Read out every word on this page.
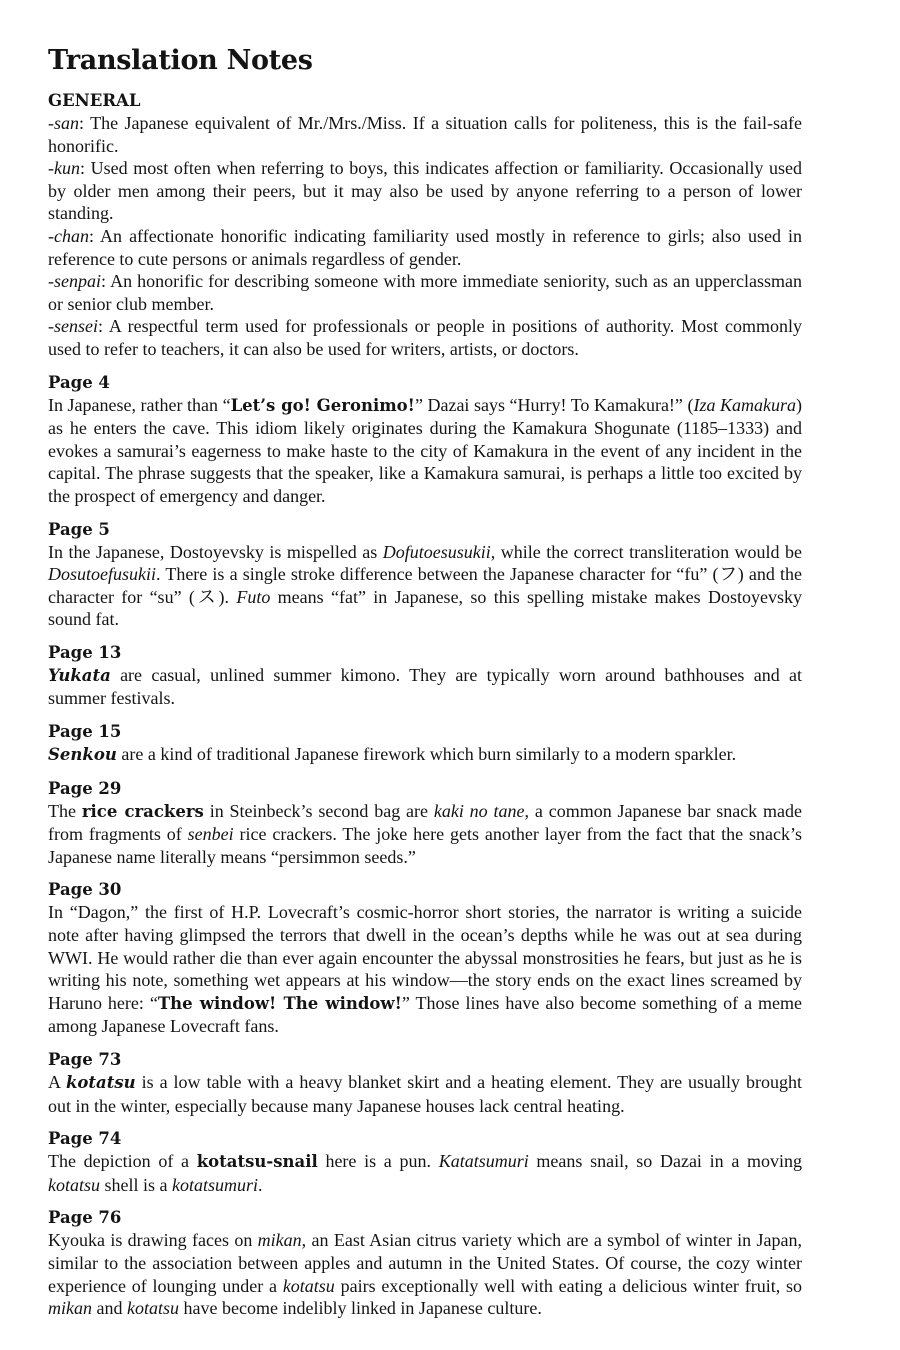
Translation Notes
GENERAL

-san: The Japanese equivalent of Mr./Mrs./Miss. If a situation calls for politeness, this is the fail-safe honorific.

-kun: Used most often when referring to boys, this indicates affection or familiarity. Occasionally used by older men among their peers, but it may also be used by anyone referring to a person of lower standing.

-chan: An affectionate honorific indicating familiarity used mostly in reference to girls; also used in reference to cute persons or animals regardless of gender.

-senpai: An honorific for describing someone with more immediate seniority, such as an upperclassman or senior club member.

-sensei: A respectful term used for professionals or people in positions of authority. Most commonly used to refer to teachers, it can also be used for writers, artists, or doctors.

Page 4

In Japanese, rather than “Let’s go! Geronimo!” Dazai says “Hurry! To Kamakura!” (Iza Kamakura) as he enters the cave. This idiom likely originates during the Kamakura Shogunate (1185–1333) and evokes a samurai’s eagerness to make haste to the city of Kamakura in the event of any incident in the capital. The phrase suggests that the speaker, like a Kamakura samurai, is perhaps a little too excited by the prospect of emergency and danger.

Page 5

In the Japanese, Dostoyevsky is mispelled as Dofutoesusukii, while the correct transliteration would be Dosutoefusukii. There is a single stroke difference between the Japanese character for “fu” (フ) and the character for “su” (ス). Futo means “fat” in Japanese, so this spelling mistake makes Dostoyevsky sound fat.

Page 13

Yukata are casual, unlined summer kimono. They are typically worn around bathhouses and at summer festivals.

Page 15

Senkou are a kind of traditional Japanese firework which burn similarly to a modern sparkler.

Page 29

The rice crackers in Steinbeck’s second bag are kaki no tane, a common Japanese bar snack made from fragments of senbei rice crackers. The joke here gets another layer from the fact that the snack’s Japanese name literally means “persimmon seeds.”

Page 30

In “Dagon,” the first of H.P. Lovecraft’s cosmic-horror short stories, the narrator is writing a suicide note after having glimpsed the terrors that dwell in the ocean’s depths while he was out at sea during WWI. He would rather die than ever again encounter the abyssal monstrosities he fears, but just as he is writing his note, something wet appears at his window—the story ends on the exact lines screamed by Haruno here: “The window! The window!” Those lines have also become something of a meme among Japanese Lovecraft fans.

Page 73

A kotatsu is a low table with a heavy blanket skirt and a heating element. They are usually brought out in the winter, especially because many Japanese houses lack central heating.

Page 74

The depiction of a kotatsu-snail here is a pun. Katatsumuri means snail, so Dazai in a moving kotatsu shell is a kotatsumuri.

Page 76

Kyouka is drawing faces on mikan, an East Asian citrus variety which are a symbol of winter in Japan, similar to the association between apples and autumn in the United States. Of course, the cozy winter experience of lounging under a kotatsu pairs exceptionally well with eating a delicious winter fruit, so mikan and kotatsu have become indelibly linked in Japanese culture.
